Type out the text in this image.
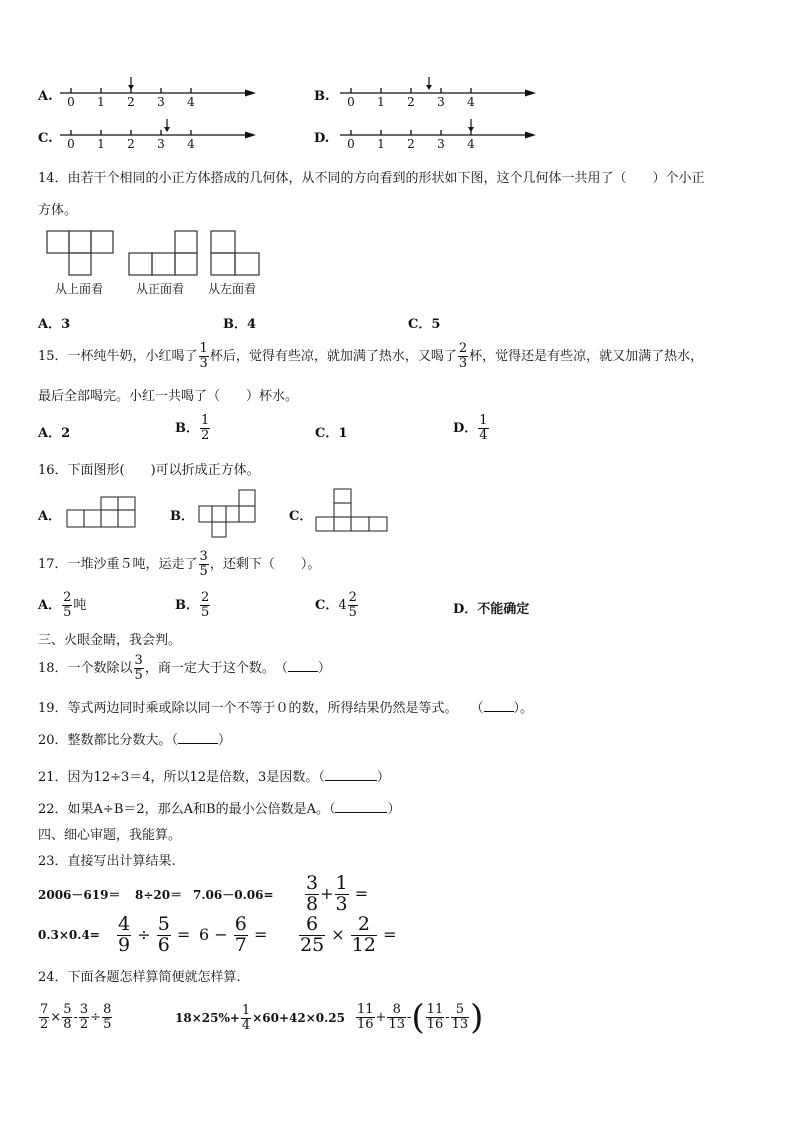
A.	B.
C.	D.
0 1 2 3 4	0 1 2 3 4
0 1 2 3 4	0 1 2 3 4
14．由若干个相同的小正方体搭成的几何体，从不同的方向看到的形状如下图，这个几何体一共用了（　　）个小正
方体。
从上面看	从正面看 从左面看
A．3	B．4	C．5
15．一杯纯牛奶，小红喝了 $\frac{1}{3}$ 杯后，觉得有些凉，就加满了热水，又喝了 $\frac{2}{3}$ 杯，觉得还是有些凉，就又加满了热水，
最后全部喝完。小红一共喝了（　　）杯水。
A．2	B． $\frac{1}{2}$	C．1	D． $\frac{1}{4}$
16．下面图形(　　)可以折成正方体。
A．	B．	C．
17．一堆沙重５吨，运走了 $\frac{3}{5}$ ，还剩下（　　）。
A． $\frac{2}{5}$ 吨	B． $\frac{2}{5}$	C．$4 \frac{2}{5}$	D．不能确定
三、火眼金睛，我会判。
18．一个数除以 $\frac{3}{5}$ ，商一定大于这个数。　（ ）
19．等式两边同时乘或除以同一个不等于０的数，所得结果仍然是等式。　　（ ）。
20．整数都比分数大。（	）
21．因为12÷3＝4，所以12是倍数，3是因数。（	）
22．如果A÷B＝2，那么A和B的最小公倍数是A。（	）
四、细心审题，我能算。
23．直接写出计算结果.
$2006-619= 8\div 20= 7.06-0.06= \frac{3}{8} + \frac{1}{3}$ =
$0.3\times 0.4= \frac{4}{9} \div \frac{5}{6} = 6 - \frac{6}{7} = \frac{6}{25} \times \frac{2}{12}$ =
24．下面各题怎样算简便就怎样算.
$\frac{7}{2} \times \frac{5}{8} - \frac{3}{2} \div \frac{8}{5}$	$18\times 25\%+ \frac{1}{4} \times 60+42\times 0.25 \frac{11}{16} + \frac{8}{13}$ -( $\frac{11}{16} - \frac{5}{13}$ )
